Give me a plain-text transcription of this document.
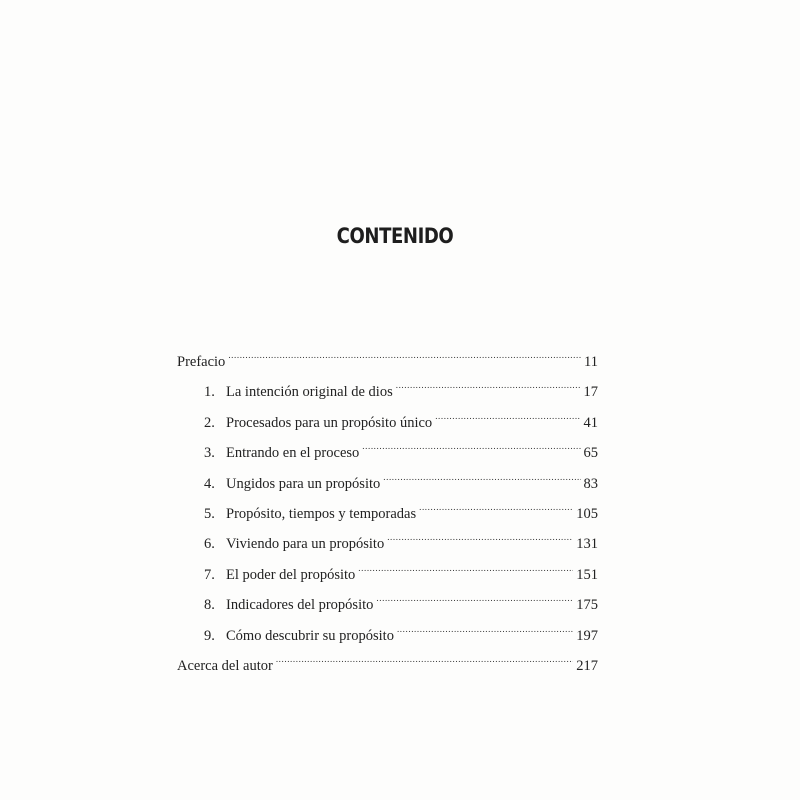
CONTENIDO
Prefacio .....	11
1. La intención original de dios .....	17
2. Procesados para un propósito único .....	41
3. Entrando en el proceso .....	65
4. Ungidos para un propósito .....	83
5. Propósito, tiempos y temporadas .....	105
6. Viviendo para un propósito .....	131
7. El poder del propósito .....	151
8. Indicadores del propósito .....	175
9. Cómo descubrir su propósito .....	197
Acerca del autor .....	217
